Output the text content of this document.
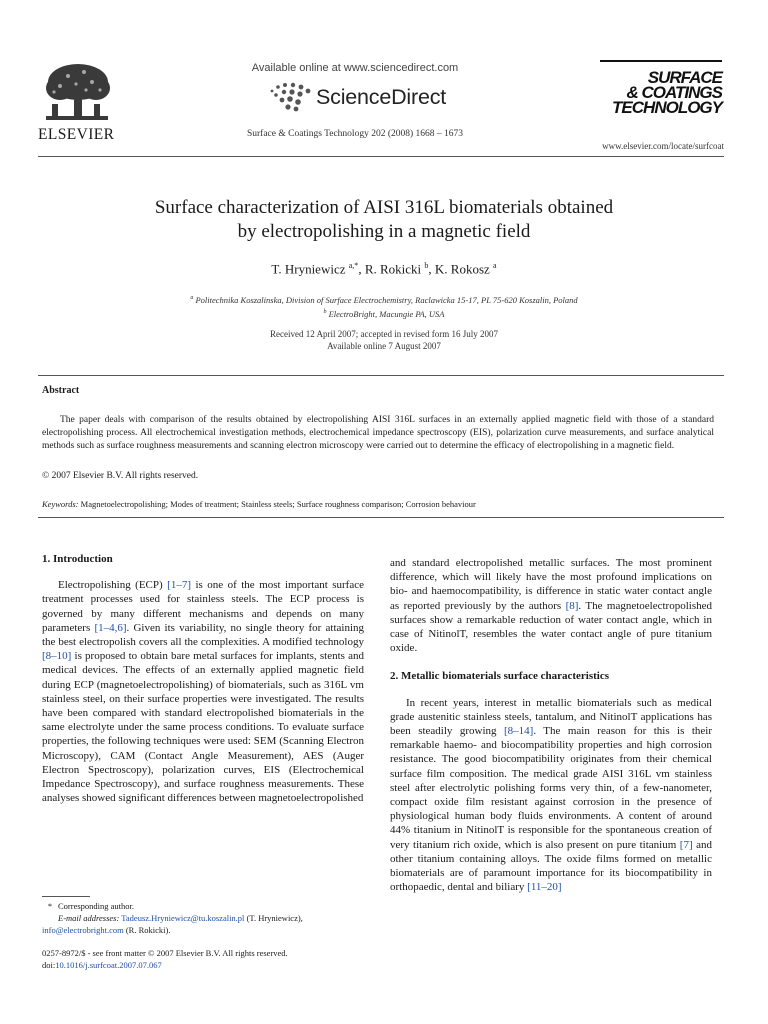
ELSEVIER
Available online at www.sciencedirect.com
ScienceDirect
Surface & Coatings Technology 202 (2008) 1668 – 1673
SURFACE
& COATINGS
TECHNOLOGY
www.elsevier.com/locate/surfcoat
Surface characterization of AISI 316L biomaterials obtained
by electropolishing in a magnetic field
T. Hryniewicz $^{a,*}$, R. Rokicki $^b$, K. Rokosz $^a$
$^a$ Politechnika Koszalinska, Division of Surface Electrochemistry, Raclawicka 15-17, PL 75-620 Koszalin, Poland
$^b$ ElectroBright, Macungie PA, USA
Received 12 April 2007; accepted in revised form 16 July 2007
Available online 7 August 2007
Abstract

The paper deals with comparison of the results obtained by electropolishing AISI 316L surfaces in an externally applied magnetic field with those of a standard electropolishing process. All electrochemical investigation methods, electrochemical impedance spectroscopy (EIS), polarization curve measurements, and surface analytical methods such as surface roughness measurements and scanning electron microscopy were carried out to determine the efficacy of electropolishing in a magnetic field.

© 2007 Elsevier B.V. All rights reserved.
Keywords: Magnetoelectropolishing; Modes of treatment; Stainless steels; Surface roughness comparison; Corrosion behaviour
1. Introduction

Electropolishing (ECP) [1–7] is one of the most important surface treatment processes used for stainless steels. The ECP process is governed by many different mechanisms and depends on many parameters [1–4,6]. Given its variability, no single theory for attaining the best electropolish covers all the complexities. A modified technology [8–10] is proposed to obtain bare metal surfaces for implants, stents and medical devices. The effects of an externally applied magnetic field during ECP (magnetoelectropolishing) of biomaterials, such as 316L vm stainless steel, on their surface properties were investigated. The results have been compared with standard electropolished biomaterials in the same electrolyte under the same process conditions. To evaluate surface properties, the following techniques were used: SEM (Scanning Electron Microscopy), CAM (Contact Angle Measurement), AES (Auger Electron Spectroscopy), polarization curves, EIS (Electrochemical Impedance Spectroscopy), and surface roughness measurements. These analyses showed significant differences between magnetoelectropolished

and standard electropolished metallic surfaces. The most prominent difference, which will likely have the most profound implications on bio- and haemocompatibility, is difference in static water contact angle as reported previously by the authors [8]. The magnetoelectropolished surfaces show a remarkable reduction of water contact angle, which in case of NitinolT, resembles the water contact angle of pure titanium oxide.

2. Metallic biomaterials surface characteristics

In recent years, interest in metallic biomaterials such as medical grade austenitic stainless steels, tantalum, and NitinolT applications has been steadily growing [8–14]. The main reason for this is their remarkable haemo- and biocompatibility properties and high corrosion resistance. The good biocompatibility originates from their chemical surface film composition. The medical grade AISI 316L vm stainless steel after electrolytic polishing forms very thin, of a few-nanometer, compact oxide film resistant against corrosion in the presence of physiological human body fluids environments. A content of around 44% titanium in NitinolT is responsible for the spontaneous creation of very titanium rich oxide, which is also present on pure titanium [7] and other titanium containing alloys. The oxide films formed on metallic biomaterials are of paramount importance for its biocompatibility in orthopaedic, dental and biliary [11–20]

* Corresponding author.
E-mail addresses: Tadeusz.Hryniewicz@tu.koszalin.pl (T. Hryniewicz),
info@electrobright.com (R. Rokicki).
0257-8972/$ - see front matter © 2007 Elsevier B.V. All rights reserved.
doi:10.1016/j.surfcoat.2007.07.067
